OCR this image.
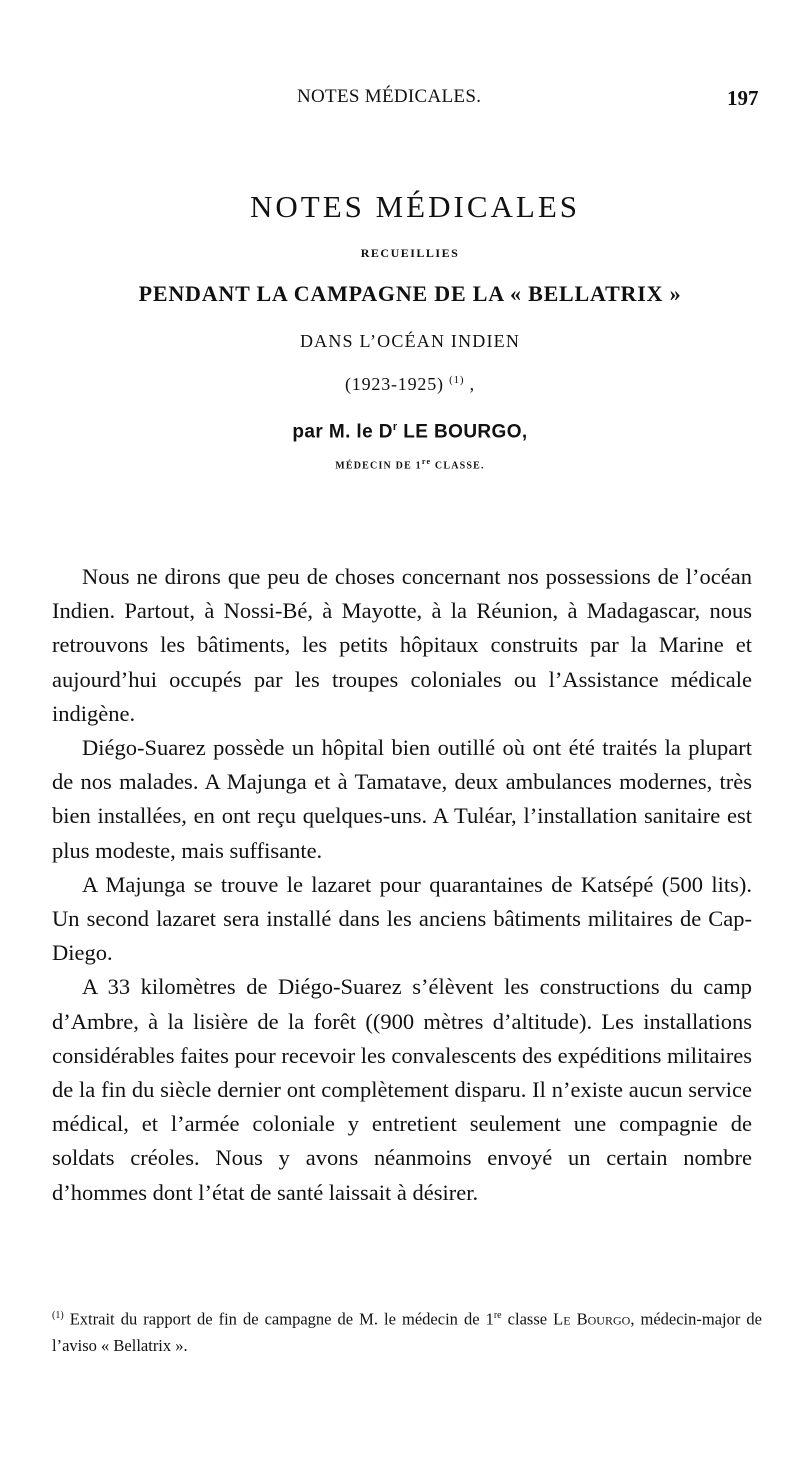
NOTES MÉDICALES.	197
NOTES MÉDICALES
RECUEILLIES
PENDANT LA CAMPAGNE DE LA « BELLATRIX »
DANS L’OCÉAN INDIEN
(1923-1925) $^{(1)}$ ,
par M. le $D^r$ LE BOURGO,
MÉDECIN DE 1re CLASSE.

Nous ne dirons que peu de choses concernant nos possessions de l’océan Indien. Partout, à Nossi-Bé, à Mayotte, à la Réunion, à Madagascar, nous retrouvons les bâtiments, les petits hôpitaux construits par la Marine et aujourd’hui occupés par les troupes coloniales ou l’Assistance médicale indigène.

Diégo-Suarez possède un hôpital bien outillé où ont été traités la plupart de nos malades. A Majunga et à Tamatave, deux ambulances modernes, très bien installées, en ont reçu quelques-uns. A Tuléar, l’installation sanitaire est plus modeste, mais suffisante.

A Majunga se trouve le lazaret pour quarantaines de Katsépé (500 lits). Un second lazaret sera installé dans les anciens bâtiments militaires de Cap-Diego.

A 33 kilomètres de Diégo-Suarez s’élèvent les constructions du camp d’Ambre, à la lisière de la forêt ((900 mètres d’altitude). Les installations considérables faites pour recevoir les convalescents des expéditions militaires de la fin du siècle dernier ont complètement disparu. Il n’existe aucun service médical, et l’armée coloniale y entretient seulement une compagnie de soldats créoles. Nous y avons néanmoins envoyé un certain nombre d’hommes dont l’état de santé laissait à désirer.

$^{(1)}$ Extrait du rapport de fin de campagne de M. le médecin de 1re classe Le Bourgo, médecin-major de l’aviso « Bellatrix ».
